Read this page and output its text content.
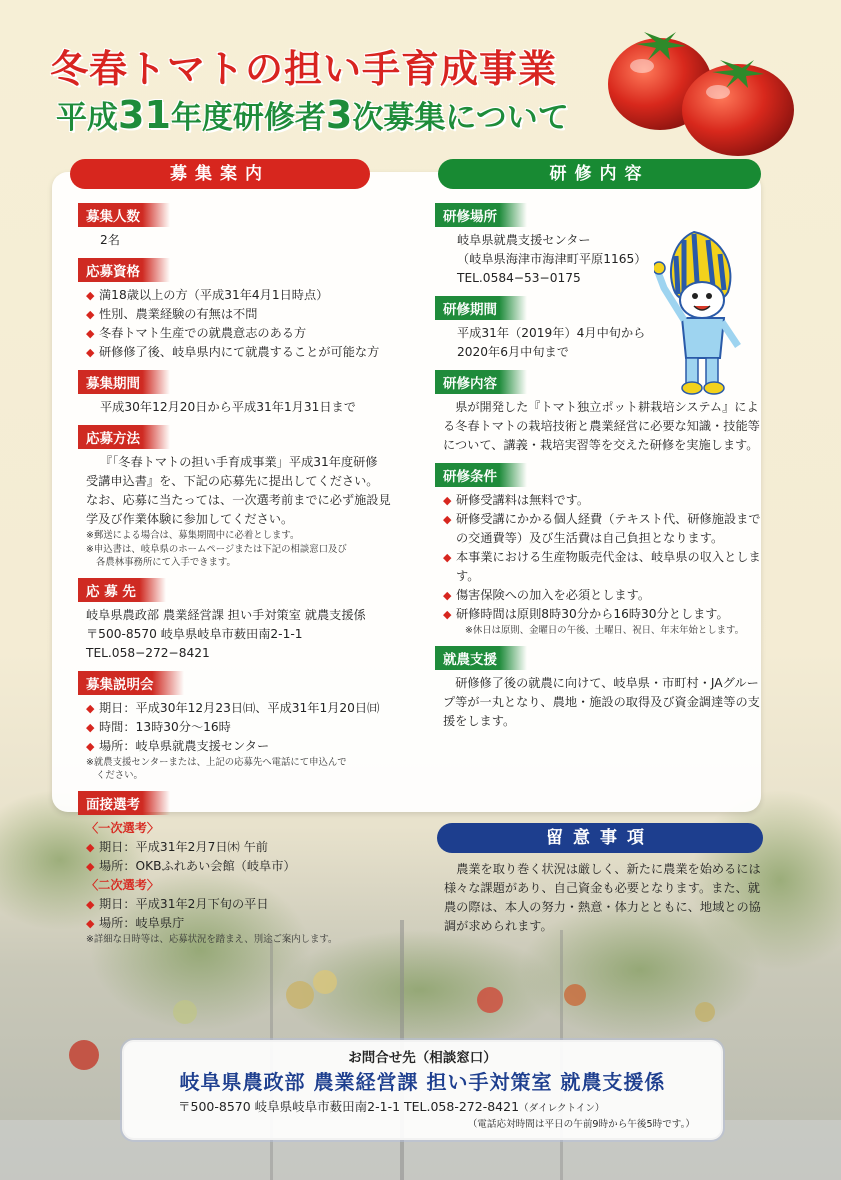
冬春トマトの担い手育成事業
平成31年度研修者3次募集について
募集案内	研修内容
募集人数
2名
応募資格
◆ 満18歳以上の方（平成31年4月1日時点）
◆ 性別、農業経験の有無は不問
◆ 冬春トマト生産での就農意志のある方
◆ 研修修了後、岐阜県内にて就農することが可能な方
募集期間
平成30年12月20日から平成31年1月31日まで
応募方法
『「冬春トマトの担い手育成事業」平成31年度研修
受講申込書』を、下記の応募先に提出してください。
なお、応募に当たっては、一次選考前までに必ず施設見
学及び作業体験に参加してください。
※郵送による場合は、募集期間中に必着とします。
※申込書は、岐阜県のホームページまたは下記の相談窓口及び
各農林事務所にて入手できます。
応 募 先
岐阜県農政部 農業経営課 担い手対策室 就農支援係
〒500-8570 岐阜県岐阜市薮田南2-1-1
TEL.058−272−8421
募集説明会
◆ 期日：平成30年12月23日㈰、平成31年1月20日㈰
◆ 時間：13時30分〜16時
◆ 場所：岐阜県就農支援センター
※就農支援センターまたは、上記の応募先へ電話にて申込んで
ください。
面接選考
〈一次選考〉
◆ 期日：平成31年2月7日㈭ 午前
◆ 場所：OKBふれあい会館（岐阜市）
〈二次選考〉
◆ 期日：平成31年2月下旬の平日
◆ 場所：岐阜県庁
※詳細な日時等は、応募状況を踏まえ、別途ご案内します。
研修場所
岐阜県就農支援センター
（岐阜県海津市海津町平原1165）
TEL.0584−53−0175
研修期間
平成31年（2019年）4月中旬から
2020年6月中旬まで
研修内容
県が開発した『トマト独立ポット耕栽培システム』による冬春トマトの栽培技術と農業経営に必要な知識・技能等について、講義・栽培実習等を交えた研修を実施します。
研修条件
◆ 研修受講料は無料です。
◆ 研修受講にかかる個人経費（テキスト代、研修施設までの交通費等）及び生活費は自己負担となります。
◆ 本事業における生産物販売代金は、岐阜県の収入とします。
◆ 傷害保険への加入を必須とします。
◆ 研修時間は原則8時30分から16時30分とします。
※休日は原則、金曜日の午後、土曜日、祝日、年末年始とします。
就農支援
研修修了後の就農に向けて、岐阜県・市町村・JAグループ等が一丸となり、農地・施設の取得及び資金調達等の支援をします。
留意事項
農業を取り巻く状況は厳しく、新たに農業を始めるには様々な課題があり、自己資金も必要となります。また、就農の際は、本人の努力・熱意・体力とともに、地域との協調が求められます。
お問合せ先（相談窓口）
岐阜県農政部 農業経営課 担い手対策室 就農支援係
〒500-8570 岐阜県岐阜市薮田南2-1-1 TEL.058-272-8421（ダイレクトイン）
（電話応対時間は平日の午前9時から午後5時です。）
